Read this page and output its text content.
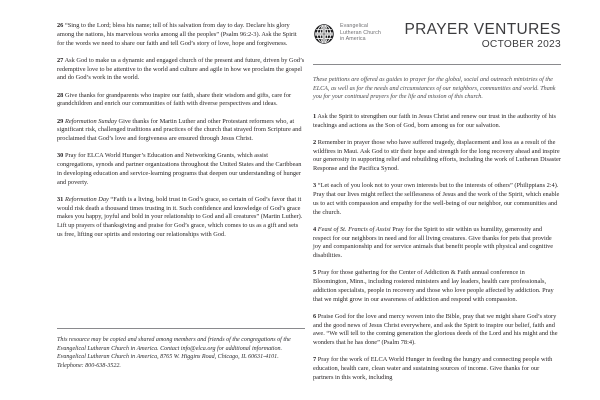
26 “Sing to the Lord; bless his name; tell of his salvation from day to day. Declare his glory among the nations, his marvelous works among all the peoples” (Psalm 96:2-3). Ask the Spirit for the words we need to share our faith and tell God’s story of love, hope and forgiveness.

27 Ask God to make us a dynamic and engaged church of the present and future, driven by God’s redemptive love to be attentive to the world and culture and agile in how we proclaim the gospel and do God’s work in the world.

28 Give thanks for grandparents who inspire our faith, share their wisdom and gifts, care for grandchildren and enrich our communities of faith with diverse perspectives and ideas.

29 Reformation Sunday Give thanks for Martin Luther and other Protestant reformers who, at significant risk, challenged traditions and practices of the church that strayed from Scripture and proclaimed that God’s love and forgiveness are ensured through Jesus Christ.

30 Pray for ELCA World Hunger’s Education and Networking Grants, which assist congregations, synods and partner organizations throughout the United States and the Caribbean in developing education and service-learning programs that deepen our understanding of hunger and poverty.

31 Reformation Day “Faith is a living, bold trust in God’s grace, so certain of God’s favor that it would risk death a thousand times trusting in it. Such confidence and knowledge of God’s grace makes you happy, joyful and bold in your relationship to God and all creatures” (Martin Luther). Lift up prayers of thanksgiving and praise for God’s grace, which comes to us as a gift and sets us free, lifting our spirits and restoring our relationships with God.

This resource may be copied and shared among members and friends of the congregations of the Evangelical Lutheran Church in America. Contact info@elca.org for additional information. Evangelical Lutheran Church in America, 8765 W. Higgins Road, Chicago, IL 60631-4101. Telephone: 800-638-3522.

Evangelical
Lutheran Church
in America
PRAYER VENTURES
OCTOBER 2023

These petitions are offered as guides to prayer for the global, social and outreach ministries of the ELCA, as well as for the needs and circumstances of our neighbors, communities and world. Thank you for your continued prayers for the life and mission of this church.

1 Ask the Spirit to strengthen our faith in Jesus Christ and renew our trust in the authority of his teachings and actions as the Son of God, born among us for our salvation.

2 Remember in prayer those who have suffered tragedy, displacement and loss as a result of the wildfires in Maui. Ask God to stir their hope and strength for the long recovery ahead and inspire our generosity in supporting relief and rebuilding efforts, including the work of Lutheran Disaster Response and the Pacifica Synod.

3 “Let each of you look not to your own interests but to the interests of others” (Philippians 2:4). Pray that our lives might reflect the selflessness of Jesus and the work of the Spirit, which enable us to act with compassion and empathy for the well-being of our neighbor, our communities and the church.

4 Feast of St. Francis of Assisi Pray for the Spirit to stir within us humility, generosity and respect for our neighbors in need and for all living creatures. Give thanks for pets that provide joy and companionship and for service animals that benefit people with physical and cognitive disabilities.

5 Pray for those gathering for the Center of Addiction & Faith annual conference in Bloomington, Minn., including rostered ministers and lay leaders, health care professionals, addiction specialists, people in recovery and those who love people affected by addiction. Pray that we might grow in our awareness of addiction and respond with compassion.

6 Praise God for the love and mercy woven into the Bible, pray that we might share God’s story and the good news of Jesus Christ everywhere, and ask the Spirit to inspire our belief, faith and awe. “We will tell to the coming generation the glorious deeds of the Lord and his might and the wonders that he has done” (Psalm 78:4).

7 Pray for the work of ELCA World Hunger in feeding the hungry and connecting people with education, health care, clean water and sustaining sources of income. Give thanks for our partners in this work, including
